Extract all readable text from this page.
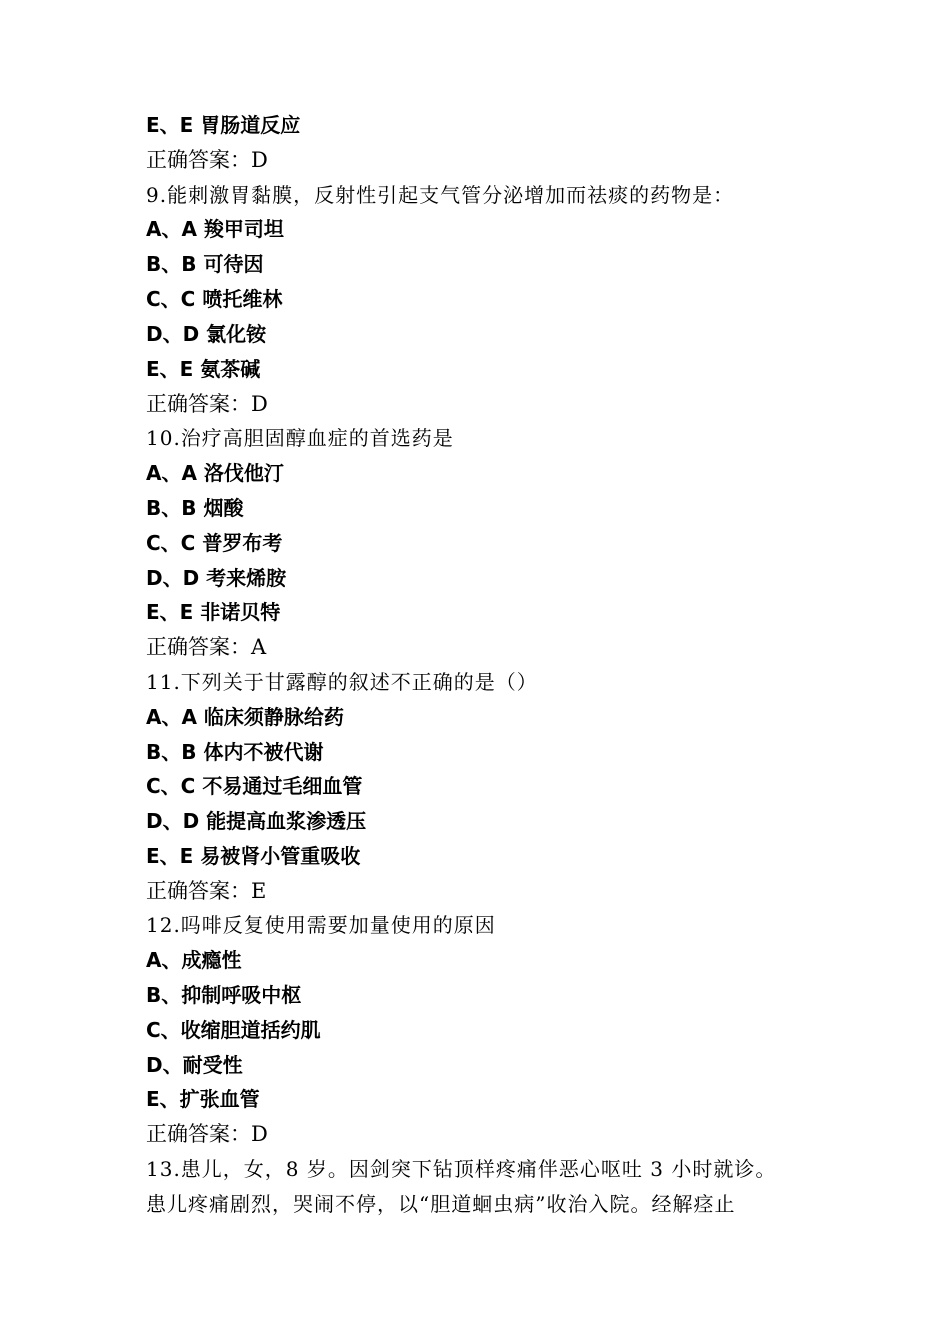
E、E 胃肠道反应
正确答案：D
9.能刺激胃黏膜，反射性引起支气管分泌增加而祛痰的药物是：
A、A 羧甲司坦
B、B 可待因
C、C 喷托维林
D、D 氯化铵
E、E 氨茶碱
正确答案：D
10.治疗高胆固醇血症的首选药是
A、A 洛伐他汀
B、B 烟酸
C、C 普罗布考
D、D 考来烯胺
E、E 非诺贝特
正确答案：A
11.下列关于甘露醇的叙述不正确的是（）
A、A 临床须静脉给药
B、B 体内不被代谢
C、C 不易通过毛细血管
D、D 能提高血浆渗透压
E、E 易被肾小管重吸收
正确答案：E
12.吗啡反复使用需要加量使用的原因
A、成瘾性
B、抑制呼吸中枢
C、收缩胆道括约肌
D、耐受性
E、扩张血管
正确答案：D
13.患儿，女，8 岁。因剑突下钻顶样疼痛伴恶心呕吐 3 小时就诊。
患儿疼痛剧烈，哭闹不停，以“胆道蛔虫病”收治入院。经解痉止
